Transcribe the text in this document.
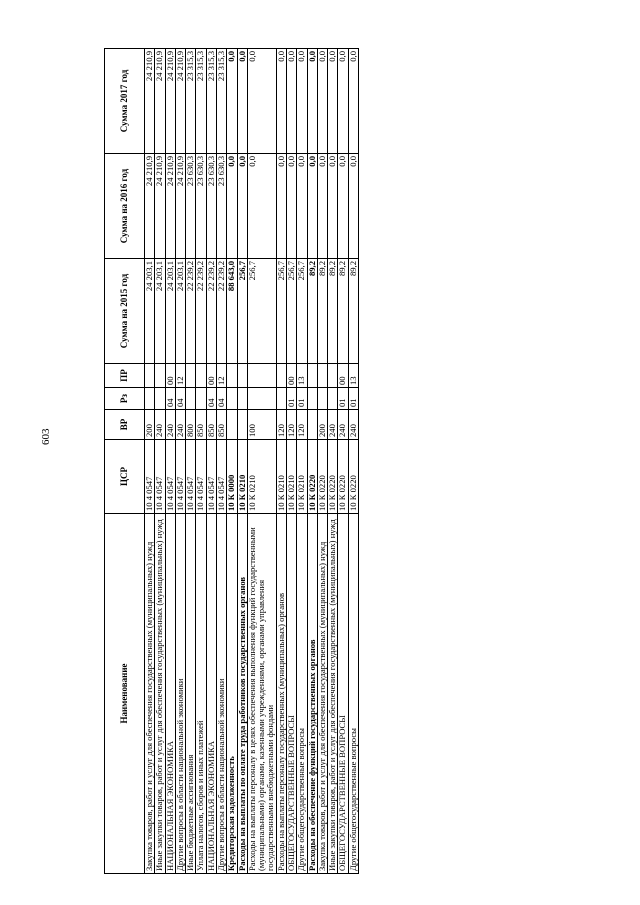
603
Наименование	ЦСР	ВР	Рз	ПР	Сумма на 2015 год	Сумма на 2016 год	Сумма 2017 год
Закупка товаров, работ и услуг для обеспечения государственных (муниципальных) нужд	10 4 0547	200			24 203,1	24 210,9	24 210,9
Иные закупки товаров, работ и услуг для обеспечения государственных (муниципальных) нужд	10 4 0547	240			24 203,1	24 210,9	24 210,9
НАЦИОНАЛЬНАЯ ЭКОНОМИКА	10 4 0547	240	04	00	24 203,1	24 210,9	24 210,9
Другие вопросы в области национальной экономики	10 4 0547	240	04	12	24 203,1	24 210,9	24 210,9
Иные бюджетные ассигнования	10 4 0547	800			22 239,2	23 630,3	23 315,3
Уплата налогов, сборов и иных платежей	10 4 0547	850			22 239,2	23 630,3	23 315,3
НАЦИОНАЛЬНАЯ ЭКОНОМИКА	10 4 0547	850	04	00	22 239,2	23 630,3	23 315,3
Другие вопросы в области национальной экономики	10 4 0547	850	04	12	22 239,2	23 630,3	23 315,3
Кредиторская задолженность	10 К 0000				88 643,0	0,0	0,0
Расходы на выплаты по оплате труда работников государственных органов	10 К 0210				256,7	0,0	0,0
Расходы на выплаты персоналу в целях обеспечения выполнения функций государственными (муниципальными) органами, казенными учреждениями, органами управления государственными внебюджетными фондами	10 К 0210	100			256,7	0,0	0,0
Расходы на выплаты персоналу государственных (муниципальных) органов	10 К 0210	120			256,7	0,0	0,0
ОБЩЕГОСУДАРСТВЕННЫЕ ВОПРОСЫ	10 К 0210	120	01	00	256,7	0,0	0,0
Другие общегосударственные вопросы	10 К 0210	120	01	13	256,7	0,0	0,0
Расходы на обеспечение функций государственных органов	10 К 0220				89,2	0,0	0,0
Закупка товаров, работ и услуг для обеспечения государственных (муниципальных) нужд	10 К 0220	200			89,2	0,0	0,0
Иные закупки товаров, работ и услуг для обеспечения государственных (муниципальных) нужд	10 К 0220	240			89,2	0,0	0,0
ОБЩЕГОСУДАРСТВЕННЫЕ ВОПРОСЫ	10 К 0220	240	01	00	89,2	0,0	0,0
Другие общегосударственные вопросы	10 К 0220	240	01	13	89,2	0,0	0,0
